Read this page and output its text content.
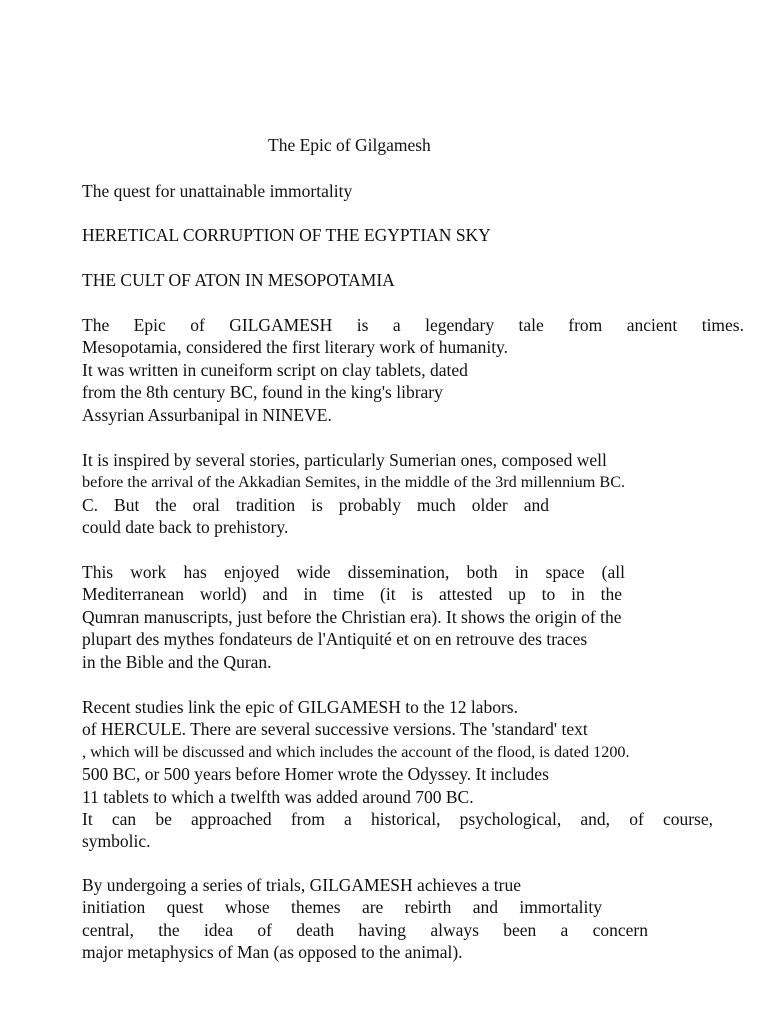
The Epic of Gilgamesh
The quest for unattainable immortality
HERETICAL CORRUPTION OF THE EGYPTIAN SKY
THE CULT OF ATON IN MESOPOTAMIA
The Epic of GILGAMESH is a legendary tale from ancient times.
Mesopotamia, considered the first literary work of humanity.
It was written in cuneiform script on clay tablets, dated
from the 8th century BC, found in the king's library
Assyrian Assurbanipal in NINEVE.
It is inspired by several stories, particularly Sumerian ones, composed well
before the arrival of the Akkadian Semites, in the middle of the 3rd millennium BC.
C. But the oral tradition is probably much older and
could date back to prehistory.
This work has enjoyed wide dissemination, both in space (all
Mediterranean world) and in time (it is attested up to in the
Qumran manuscripts, just before the Christian era). It shows the origin of the
plupart des mythes fondateurs de l'Antiquité et on en retrouve des traces
in the Bible and the Quran.
Recent studies link the epic of GILGAMESH to the 12 labors.
of HERCULE. There are several successive versions. The 'standard' text
, which will be discussed and which includes the account of the flood, is dated 1200.
500 BC, or 500 years before Homer wrote the Odyssey. It includes
11 tablets to which a twelfth was added around 700 BC.
It can be approached from a historical, psychological, and, of course,
symbolic.
By undergoing a series of trials, GILGAMESH achieves a true
initiation quest whose themes are rebirth and immortality
central, the idea of death having always been a concern
major metaphysics of Man (as opposed to the animal).
